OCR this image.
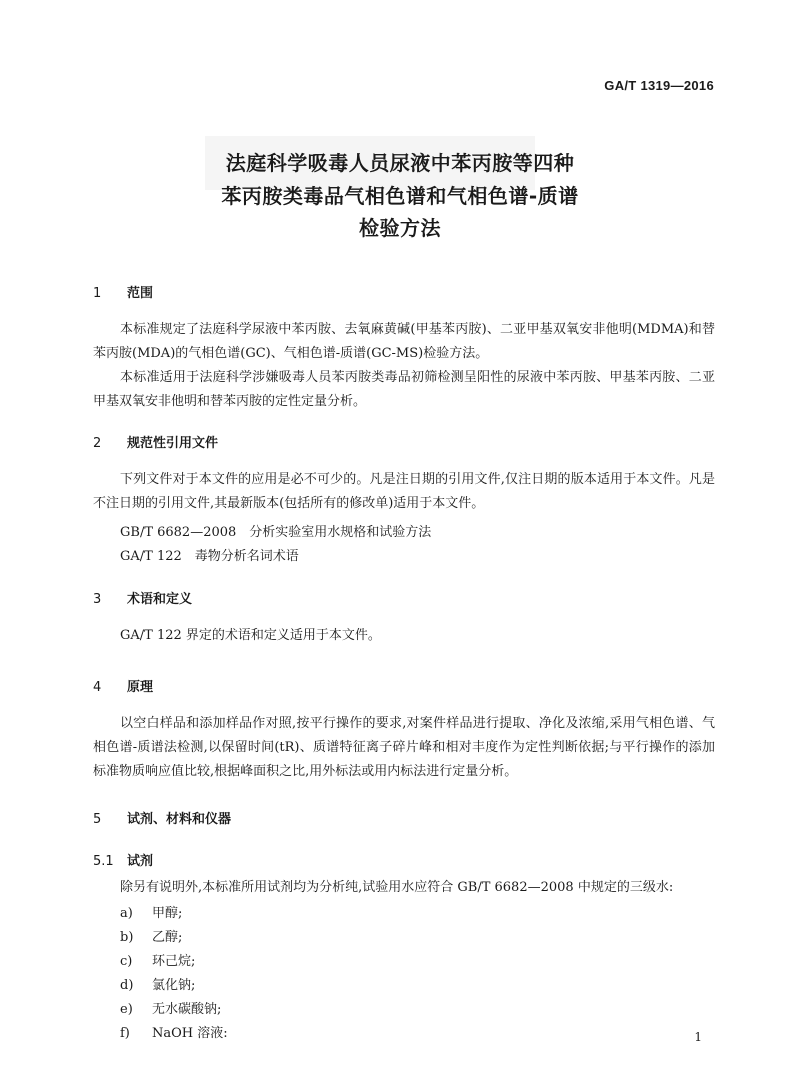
GA/T 1319—2016
法庭科学吸毒人员尿液中苯丙胺等四种
苯丙胺类毒品气相色谱和气相色谱-质谱
检验方法
1 范围
本标准规定了法庭科学尿液中苯丙胺、去氧麻黄碱(甲基苯丙胺)、二亚甲基双氧安非他明(MDMA)和替苯丙胺(MDA)的气相色谱(GC)、气相色谱-质谱(GC-MS)检验方法。
本标准适用于法庭科学涉嫌吸毒人员苯丙胺类毒品初筛检测呈阳性的尿液中苯丙胺、甲基苯丙胺、二亚甲基双氧安非他明和替苯丙胺的定性定量分析。
2 规范性引用文件
下列文件对于本文件的应用是必不可少的。凡是注日期的引用文件,仅注日期的版本适用于本文件。凡是不注日期的引用文件,其最新版本(包括所有的修改单)适用于本文件。
GB/T 6682—2008　分析实验室用水规格和试验方法
GA/T 122　毒物分析名词术语
3 术语和定义
GA/T 122 界定的术语和定义适用于本文件。
4 原理
以空白样品和添加样品作对照,按平行操作的要求,对案件样品进行提取、净化及浓缩,采用气相色谱、气相色谱-质谱法检测,以保留时间(tR)、质谱特征离子碎片峰和相对丰度作为定性判断依据;与平行操作的添加标准物质响应值比较,根据峰面积之比,用外标法或用内标法进行定量分析。
5 试剂、材料和仪器
5.1 试剂
除另有说明外,本标准所用试剂均为分析纯,试验用水应符合 GB/T 6682—2008 中规定的三级水:
a) 甲醇;
b) 乙醇;
c) 环己烷;
d) 氯化钠;
e) 无水碳酸钠;
f) NaOH 溶液:	1
